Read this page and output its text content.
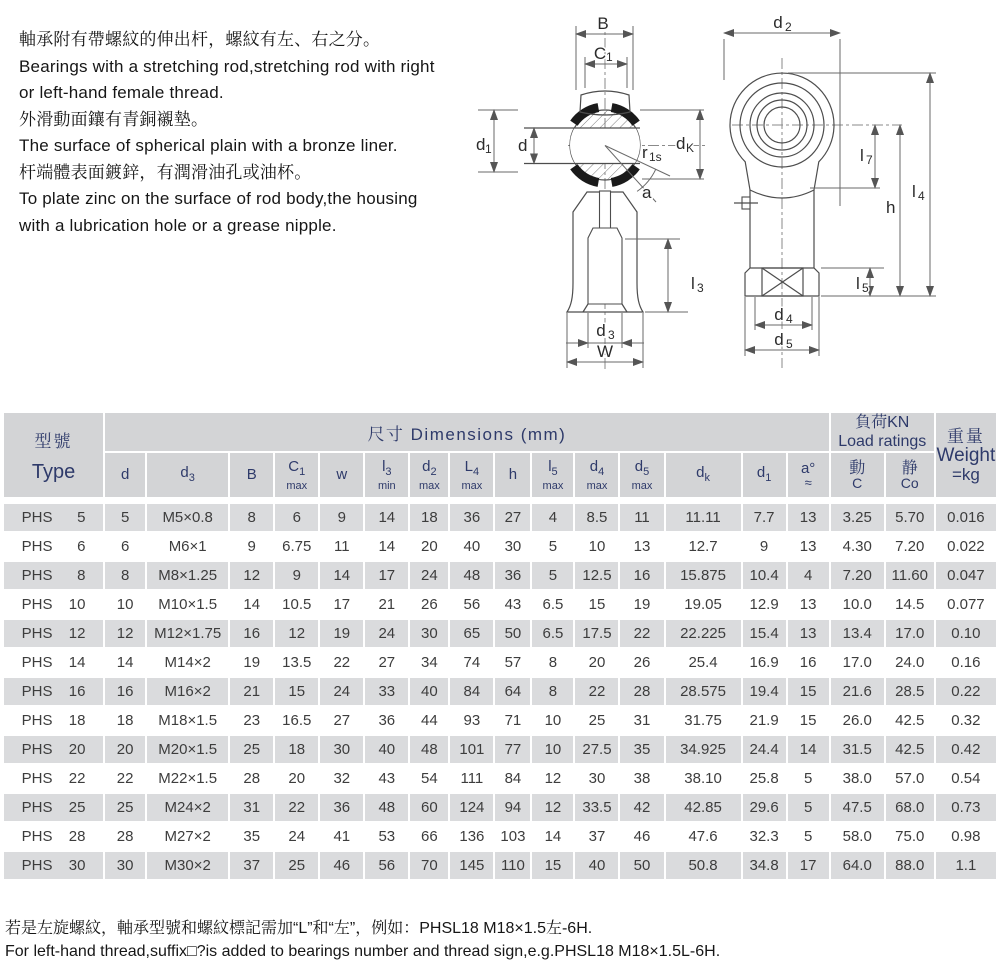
軸承附有帶螺紋的伸出杆，螺紋有左、右之分。
Bearings with a stretching rod,stretching rod with right
or left-hand female thread.
外滑動面鑲有青銅襯墊。
The surface of spherical plain with a bronze liner.
杆端體表面鍍鋅，有潤滑油孔或油杯。
To plate zinc on the surface of rod body,the housing
with a lubrication hole or a grease nipple.
B
C 1
d 1 d	d K
r 1s
a
l 3
d 3
W
d 2
l 7
h
l 4
l 5
d 4
d 5
型號
Type
	尺寸 Dimensions (mm)	
負荷KN
Load ratings	重量
Weight
=kg

d	$d_3$	B	$C_1$
max

w	$l_3$
min

$d_2$
max

$L_4$
max

h	$l_5$
max

$d_4$
max

$d_5$
max

$d_k$	$d_1$

a°
≈

動
C

静
Co

PHS 5	5	M5×0.8	8	6	9	14	18	36	27	4	8.5	11	11.11	7.7	13	3.25	5.70	0.016

PHS 6	6	M6×1	9	6.75	11	14	20	40	30	5	10	13	12.7	9	13	4.30	7.20	0.022

PHS 8	8	M8×1.25	12	9	14	17	24	48	36	5	12.5	16	15.875	10.4	4	7.20	11.60	0.047

PHS 10	10	M10×1.5	14	10.5	17	21	26	56	43	6.5	15	19	19.05	12.9	13	10.0	14.5	0.077

PHS 12	12	M12×1.75	16	12	19	24	30	65	50	6.5	17.5	22	22.225	15.4	13	13.4	17.0	0.10

PHS 14	14	M14×2	19	13.5	22	27	34	74	57	8	20	26	25.4	16.9	16	17.0	24.0	0.16

PHS 16	16	M16×2	21	15	24	33	40	84	64	8	22	28	28.575	19.4	15	21.6	28.5	0.22

PHS 18	18	M18×1.5	23	16.5	27	36	44	93	71	10	25	31	31.75	21.9	15	26.0	42.5	0.32

PHS 20	20	M20×1.5	25	18	30	40	48	101	77	10	27.5	35	34.925	24.4	14	31.5	42.5	0.42

PHS 22	22	M22×1.5	28	20	32	43	54	111	84	12	30	38	38.10	25.8	5	38.0	57.0	0.54

PHS 25	25	M24×2	31	22	36	48	60	124	94	12	33.5	42	42.85	29.6	5	47.5	68.0	0.73

PHS 28	28	M27×2	35	24	41	53	66	136	103	14	37	46	47.6	32.3	5	58.0	75.0	0.98

PHS 30	30	M30×2	37	25	46	56	70	145	110	15	40	50	50.8	34.8	17	64.0	88.0	1.1
若是左旋螺紋，軸承型號和螺紋標記需加“L”和“左”，例如：PHSL18 M18×1.5左-6H.
For left-hand thread,suffix□?is added to bearings number and thread sign,e.g.PHSL18 M18×1.5L-6H.
